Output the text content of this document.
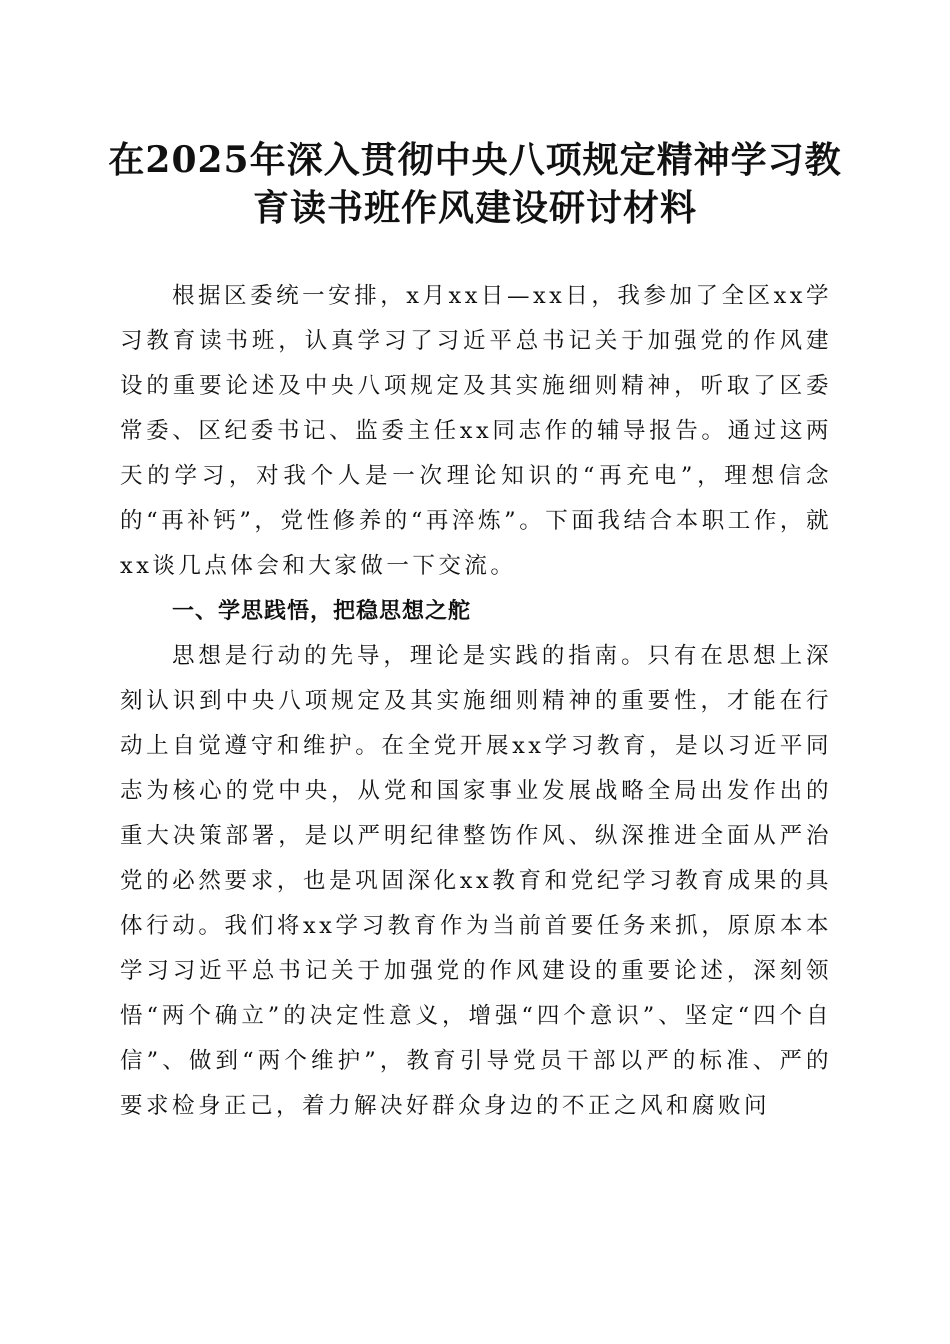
在2025年深入贯彻中央八项规定精神学习教育读书班作风建设研讨材料

根据区委统一安排，x月xx日—xx日，我参加了全区xx学习教育读书班，认真学习了习近平总书记关于加强党的作风建设的重要论述及中央八项规定及其实施细则精神，听取了区委常委、区纪委书记、监委主任xx同志作的辅导报告。通过这两天的学习，对我个人是一次理论知识的“再充电”，理想信念的“再补钙”，党性修养的“再淬炼”。下面我结合本职工作，就xx谈几点体会和大家做一下交流。

一、学思践悟，把稳思想之舵

思想是行动的先导，理论是实践的指南。只有在思想上深刻认识到中央八项规定及其实施细则精神的重要性，才能在行动上自觉遵守和维护。在全党开展xx学习教育，是以习近平同志为核心的党中央，从党和国家事业发展战略全局出发作出的重大决策部署，是以严明纪律整饬作风、纵深推进全面从严治党的必然要求，也是巩固深化xx教育和党纪学习教育成果的具体行动。我们将xx学习教育作为当前首要任务来抓，原原本本学习习近平总书记关于加强党的作风建设的重要论述，深刻领悟“两个确立”的决定性意义，增强“四个意识”、坚定“四个自信”、做到“两个维护”，教育引导党员干部以严的标准、严的要求检身正己，着力解决好群众身边的不正之风和腐败问
